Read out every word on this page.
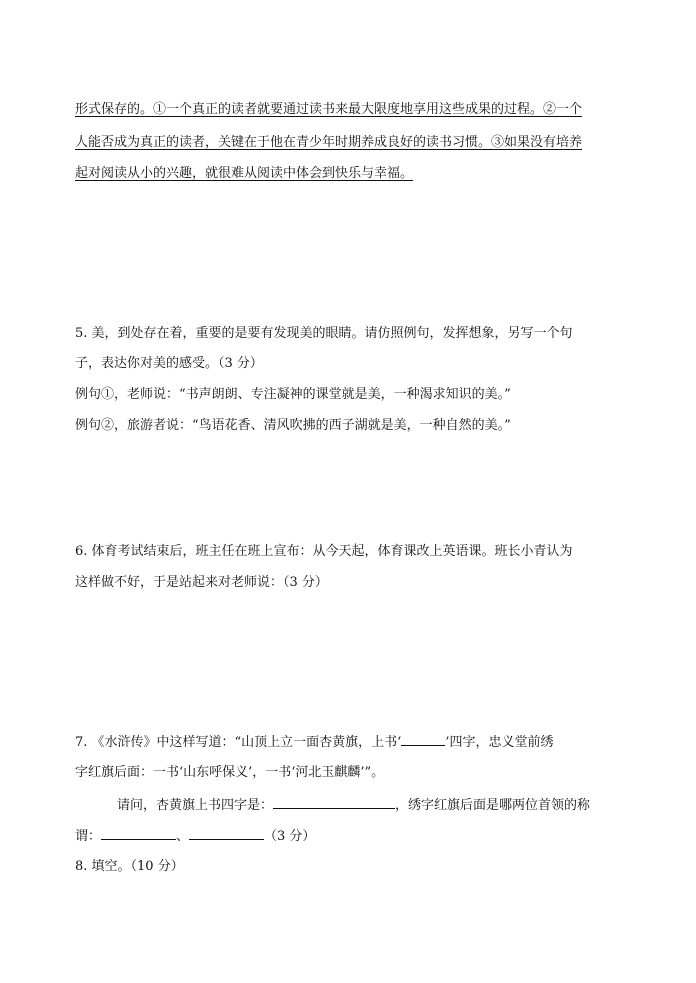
形式保存的。①一个真正的读者就要通过读书来最大限度地享用这些成果的过程。②一个
人能否成为真正的读者，关键在于他在青少年时期养成良好的读书习惯。③如果没有培养
起对阅读从小的兴趣，就很难从阅读中体会到快乐与幸福。
5. 美，到处存在着，重要的是要有发现美的眼睛。请仿照例句，发挥想象，另写一个句
子，表达你对美的感受。（3 分）
例句①，老师说：“书声朗朗、专注凝神的课堂就是美，一种渴求知识的美。”
例句②，旅游者说：“鸟语花香、清风吹拂的西子湖就是美，一种自然的美。”
6. 体育考试结束后，班主任在班上宣布：从今天起，体育课改上英语课。班长小青认为
这样做不好，于是站起来对老师说：（3 分）
7. 《水浒传》中这样写道：“山顶上立一面杏黄旗，上书‘	’四字，忠义堂前绣
字红旗后面：一书‘山东呼保义’，一书‘河北玉麒麟’”。
请问，杏黄旗上书四字是：	，绣字红旗后面是哪两位首领的称
谓：	、	（3 分）
8. 填空。（10 分）
